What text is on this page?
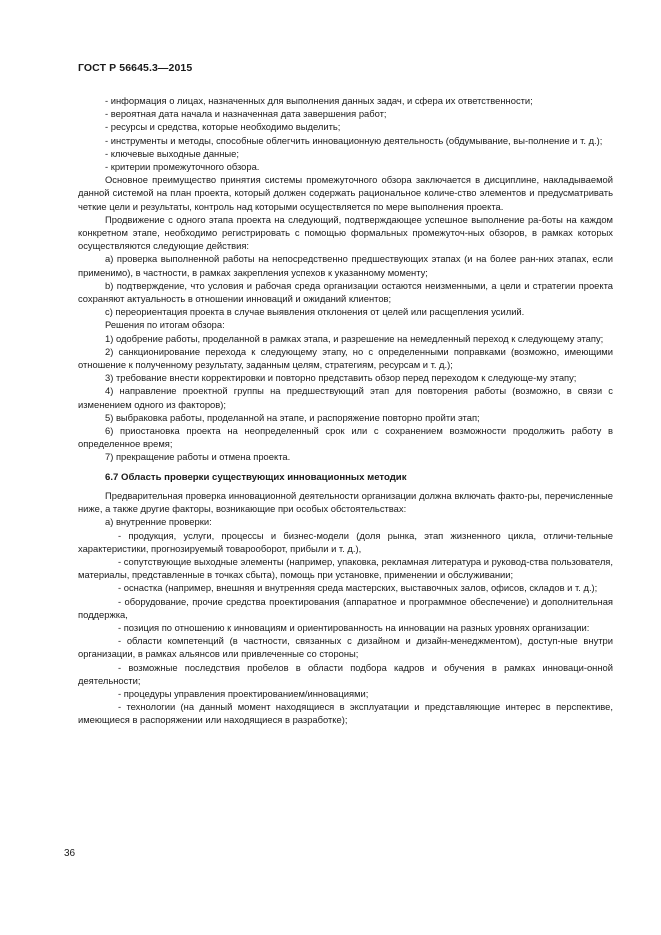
ГОСТ Р 56645.3—2015

- информация о лицах, назначенных для выполнения данных задач, и сфера их ответственности;

- вероятная дата начала и назначенная дата завершения работ;

- ресурсы и средства, которые необходимо выделить;

- инструменты и методы, способные облегчить инновационную деятельность (обдумывание, вы-полнение и т. д.);

- ключевые выходные данные;

- критерии промежуточного обзора.

Основное преимущество принятия системы промежуточного обзора заключается в дисциплине, накладываемой данной системой на план проекта, который должен содержать рациональное количе-ство элементов и предусматривать четкие цели и результаты, контроль над которыми осуществляется по мере выполнения проекта.

Продвижение с одного этапа проекта на следующий, подтверждающее успешное выполнение ра-боты на каждом конкретном этапе, необходимо регистрировать с помощью формальных промежуточ-ных обзоров, в рамках которых осуществляются следующие действия:

a) проверка выполненной работы на непосредственно предшествующих этапах (и на более ран-них этапах, если применимо), в частности, в рамках закрепления успехов к указанному моменту;

b) подтверждение, что условия и рабочая среда организации остаются неизменными, а цели и стратегии проекта сохраняют актуальность в отношении инноваций и ожиданий клиентов;

c) переориентация проекта в случае выявления отклонения от целей или расщепления усилий.

Решения по итогам обзора:

1) одобрение работы, проделанной в рамках этапа, и разрешение на немедленный переход к следующему этапу;

2) санкционирование перехода к следующему этапу, но с определенными поправками (возможно, имеющими отношение к полученному результату, заданным целям, стратегиям, ресурсам и т. д.);

3) требование внести корректировки и повторно представить обзор перед переходом к следующе-му этапу;

4) направление проектной группы на предшествующий этап для повторения работы (возможно, в связи с изменением одного из факторов);

5) выбраковка работы, проделанной на этапе, и распоряжение повторно пройти этап;

6) приостановка проекта на неопределенный срок или с сохранением возможности продолжить работу в определенное время;

7) прекращение работы и отмена проекта.

6.7 Область проверки существующих инновационных методик

Предварительная проверка инновационной деятельности организации должна включать факто-ры, перечисленные ниже, а также другие факторы, возникающие при особых обстоятельствах:

a) внутренние проверки:

- продукция, услуги, процессы и бизнес-модели (доля рынка, этап жизненного цикла, отличи-тельные характеристики, прогнозируемый товарооборот, прибыли и т. д.),

- сопутствующие выходные элементы (например, упаковка, рекламная литература и руковод-ства пользователя, материалы, представленные в точках сбыта), помощь при установке, применении и обслуживании;

- оснастка (например, внешняя и внутренняя среда мастерских, выставочных залов, офисов, складов и т. д.);

- оборудование, прочие средства проектирования (аппаратное и программное обеспечение) и дополнительная поддержка,

- позиция по отношению к инновациям и ориентированность на инновации на разных уровнях организации:

- области компетенций (в частности, связанных с дизайном и дизайн-менеджментом), доступ-ные внутри организации, в рамках альянсов или привлеченные со стороны;

- возможные последствия пробелов в области подбора кадров и обучения в рамках инноваци-онной деятельности;

- процедуры управления проектированием/инновациями;

- технологии (на данный момент находящиеся в эксплуатации и представляющие интерес в перспективе, имеющиеся в распоряжении или находящиеся в разработке);

36
